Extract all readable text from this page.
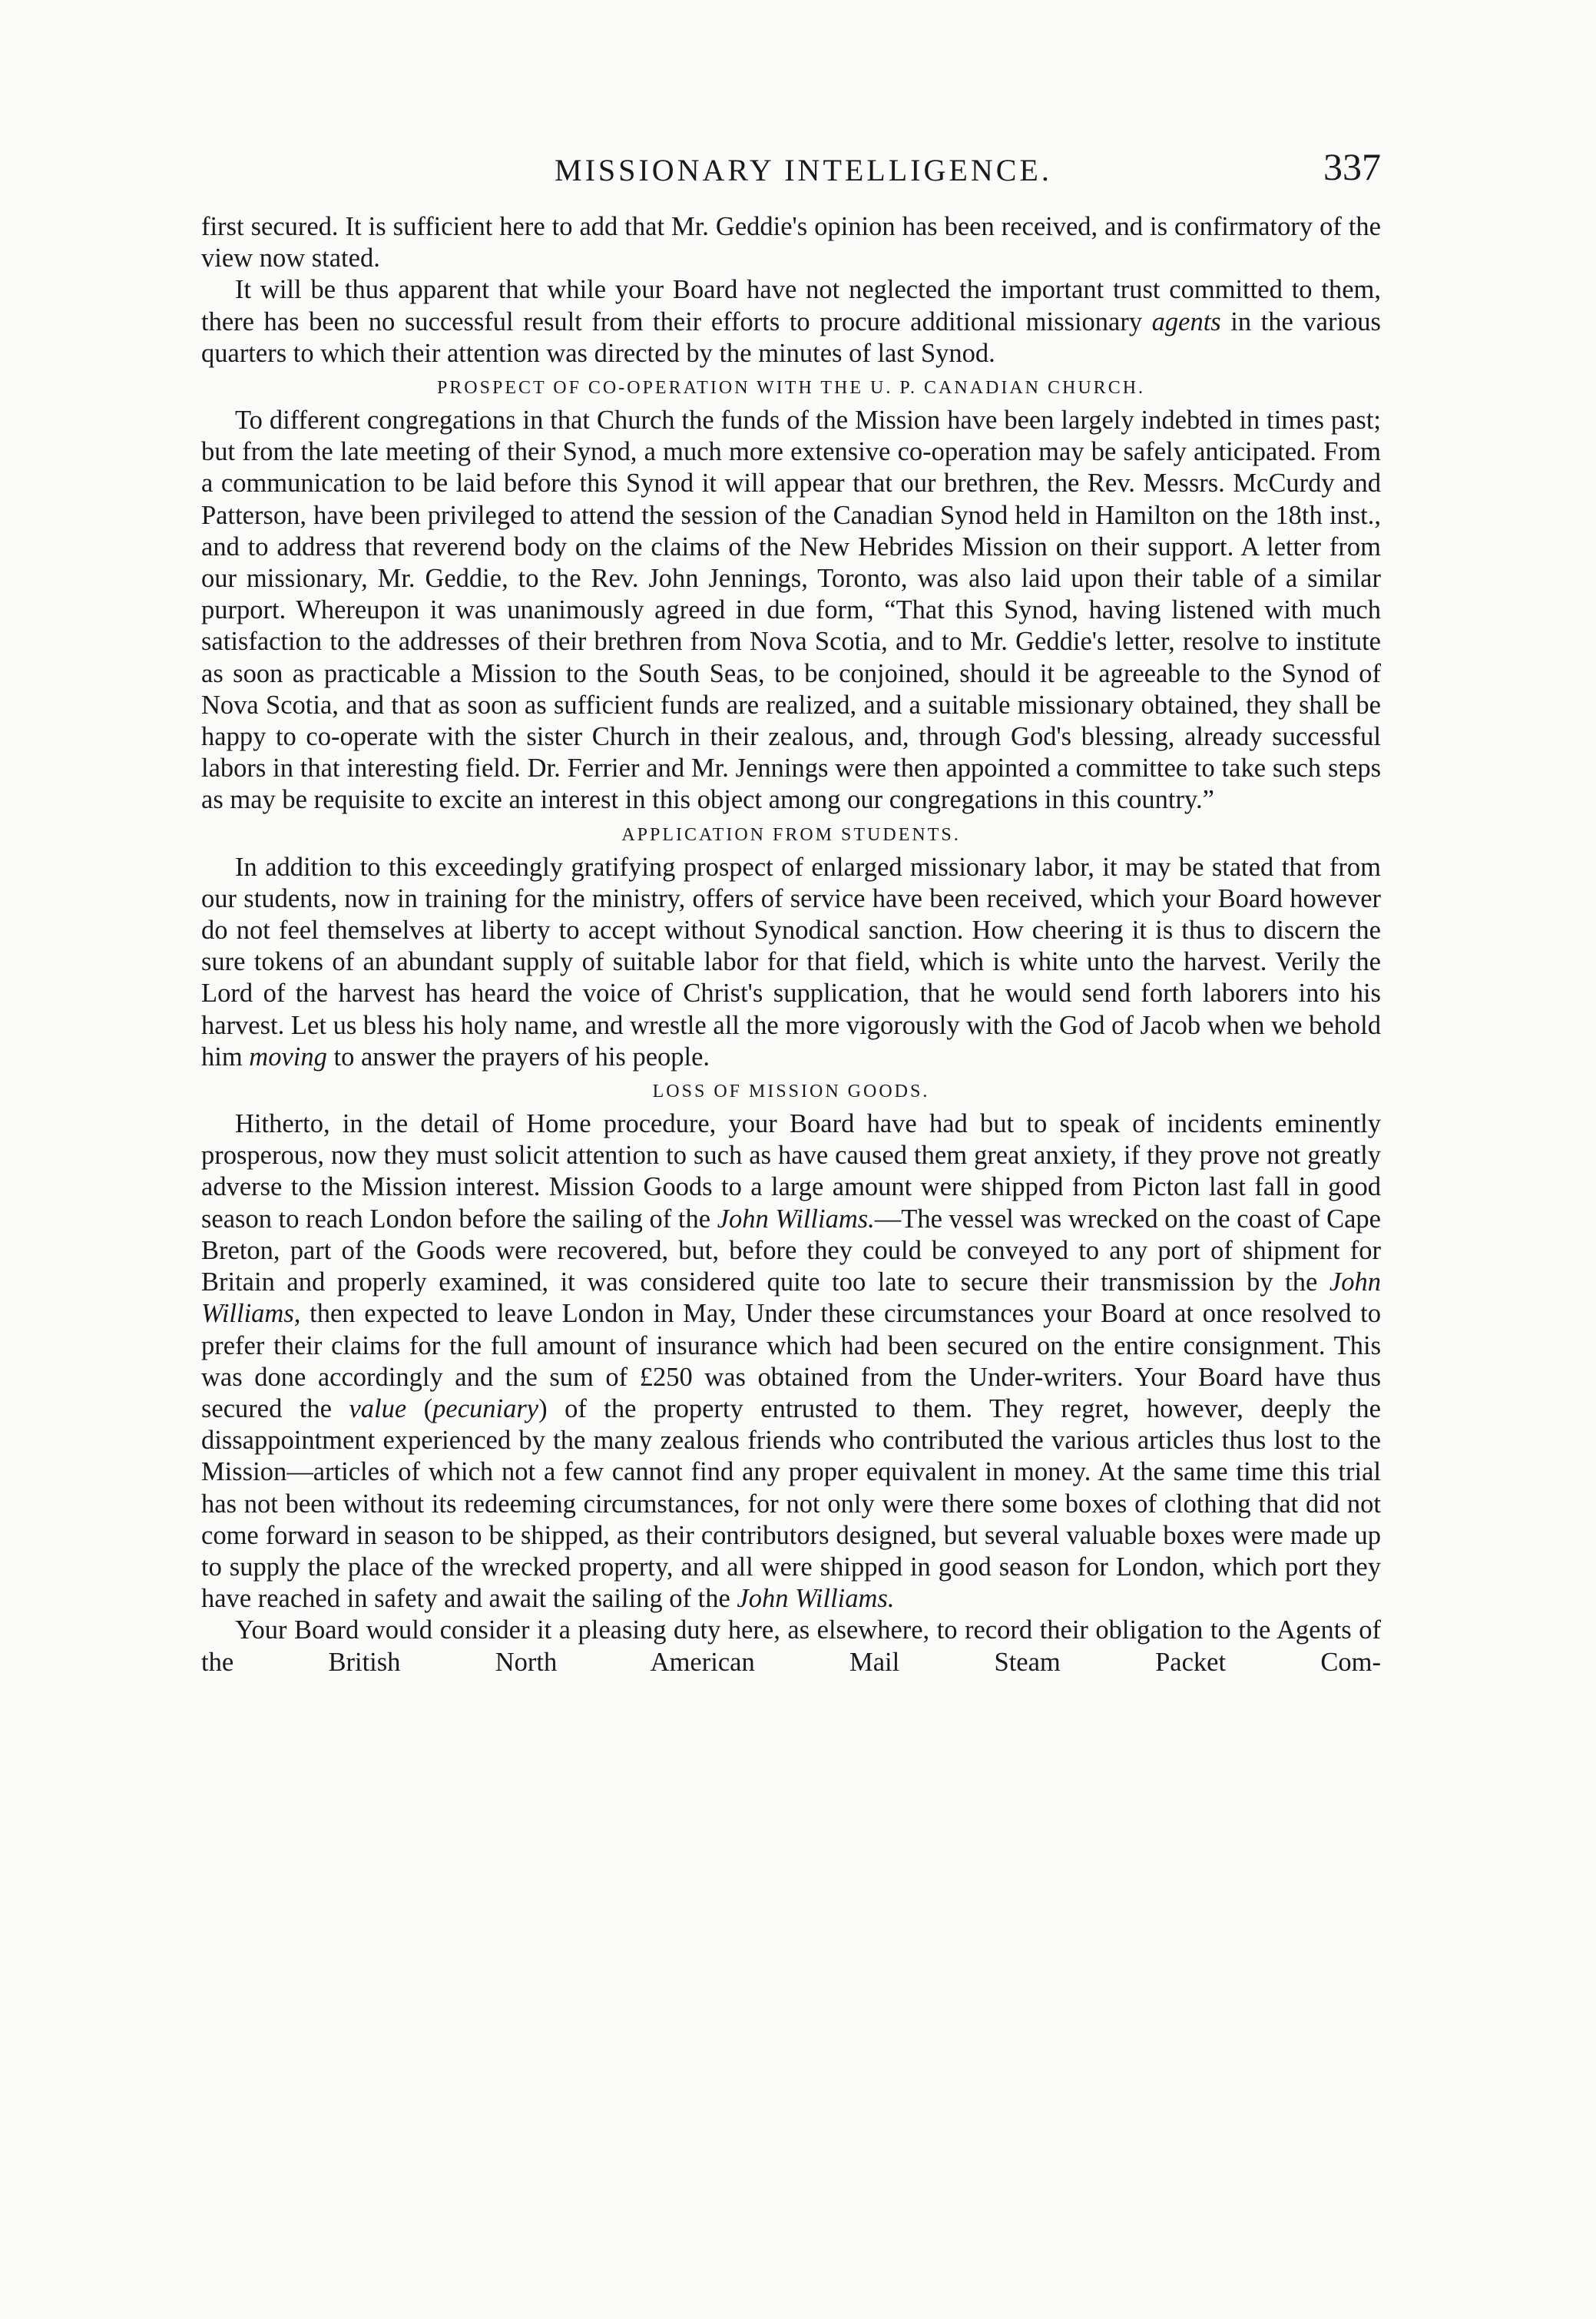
MISSIONARY INTELLIGENCE.	337

first secured. It is sufficient here to add that Mr. Geddie's opinion has been received, and is confirmatory of the view now stated.

It will be thus apparent that while your Board have not neglected the important trust committed to them, there has been no successful result from their efforts to procure additional missionary agents in the various quarters to which their attention was directed by the minutes of last Synod.

PROSPECT OF CO-OPERATION WITH THE U. P. CANADIAN CHURCH.

To different congregations in that Church the funds of the Mission have been largely indebted in times past; but from the late meeting of their Synod, a much more extensive co-operation may be safely anticipated. From a communication to be laid before this Synod it will appear that our brethren, the Rev. Messrs. McCurdy and Patterson, have been privileged to attend the session of the Canadian Synod held in Hamilton on the 18th inst., and to address that reverend body on the claims of the New Hebrides Mission on their support. A letter from our missionary, Mr. Geddie, to the Rev. John Jennings, Toronto, was also laid upon their table of a similar purport. Whereupon it was unanimously agreed in due form, “That this Synod, having listened with much satisfaction to the addresses of their brethren from Nova Scotia, and to Mr. Geddie's letter, resolve to institute as soon as practicable a Mission to the South Seas, to be conjoined, should it be agreeable to the Synod of Nova Scotia, and that as soon as sufficient funds are realized, and a suitable missionary obtained, they shall be happy to co-operate with the sister Church in their zealous, and, through God's blessing, already successful labors in that interesting field. Dr. Ferrier and Mr. Jennings were then appointed a committee to take such steps as may be requisite to excite an interest in this object among our congregations in this country.”

APPLICATION FROM STUDENTS.

In addition to this exceedingly gratifying prospect of enlarged missionary labor, it may be stated that from our students, now in training for the ministry, offers of service have been received, which your Board however do not feel themselves at liberty to accept without Synodical sanction. How cheering it is thus to discern the sure tokens of an abundant supply of suitable labor for that field, which is white unto the harvest. Verily the Lord of the harvest has heard the voice of Christ's supplication, that he would send forth laborers into his harvest. Let us bless his holy name, and wrestle all the more vigorously with the God of Jacob when we behold him moving to answer the prayers of his people.

LOSS OF MISSION GOODS.

Hitherto, in the detail of Home procedure, your Board have had but to speak of incidents eminently prosperous, now they must solicit attention to such as have caused them great anxiety, if they prove not greatly adverse to the Mission interest. Mission Goods to a large amount were shipped from Picton last fall in good season to reach London before the sailing of the John Williams.—The vessel was wrecked on the coast of Cape Breton, part of the Goods were recovered, but, before they could be conveyed to any port of shipment for Britain and properly examined, it was considered quite too late to secure their transmission by the John Williams, then expected to leave London in May, Under these circumstances your Board at once resolved to prefer their claims for the full amount of insurance which had been secured on the entire consignment. This was done accordingly and the sum of £250 was obtained from the Under-writers. Your Board have thus secured the value (pecuniary) of the property entrusted to them. They regret, however, deeply the dissappointment experienced by the many zealous friends who contributed the various articles thus lost to the Mission—articles of which not a few cannot find any proper equivalent in money. At the same time this trial has not been without its redeeming circumstances, for not only were there some boxes of clothing that did not come forward in season to be shipped, as their contributors designed, but several valuable boxes were made up to supply the place of the wrecked property, and all were shipped in good season for London, which port they have reached in safety and await the sailing of the John Williams.

Your Board would consider it a pleasing duty here, as elsewhere, to record their obligation to the Agents of the British North American Mail Steam Packet Com-
